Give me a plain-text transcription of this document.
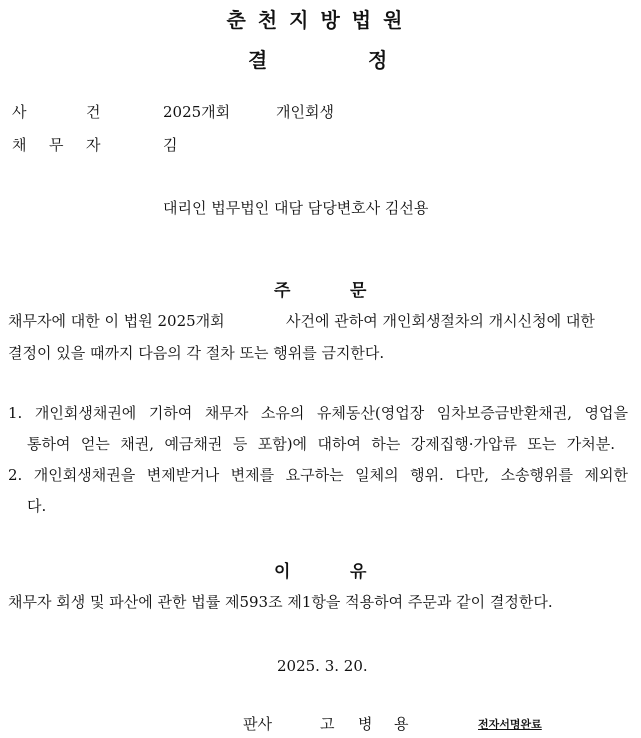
춘천지방법원
결	정
사	건	2025개회	개인회생
채 무 자	김
대리인 법무법인 대담 담당변호사 김선용
주	문
채무자에 대한 이 법원 2025개회	사건에 관하여 개인회생절차의 개시신청에 대한
결정이 있을 때까지 다음의 각 절차 또는 행위를 금지한다.
1. 개인회생채권에 기하여 채무자 소유의 유체동산(영업장 임차보증금반환채권, 영업을
통하여 얻는 채권, 예금채권 등 포함)에 대하여 하는 강제집행·가압류 또는 가처분.
2. 개인회생채권을 변제받거나 변제를 요구하는 일체의 행위. 다만, 소송행위를 제외한
다.
이	유
채무자 회생 및 파산에 관한 법률 제593조 제1항을 적용하여 주문과 같이 결정한다.
2025. 3. 20.
판사	고 병 용	전자서명완료
